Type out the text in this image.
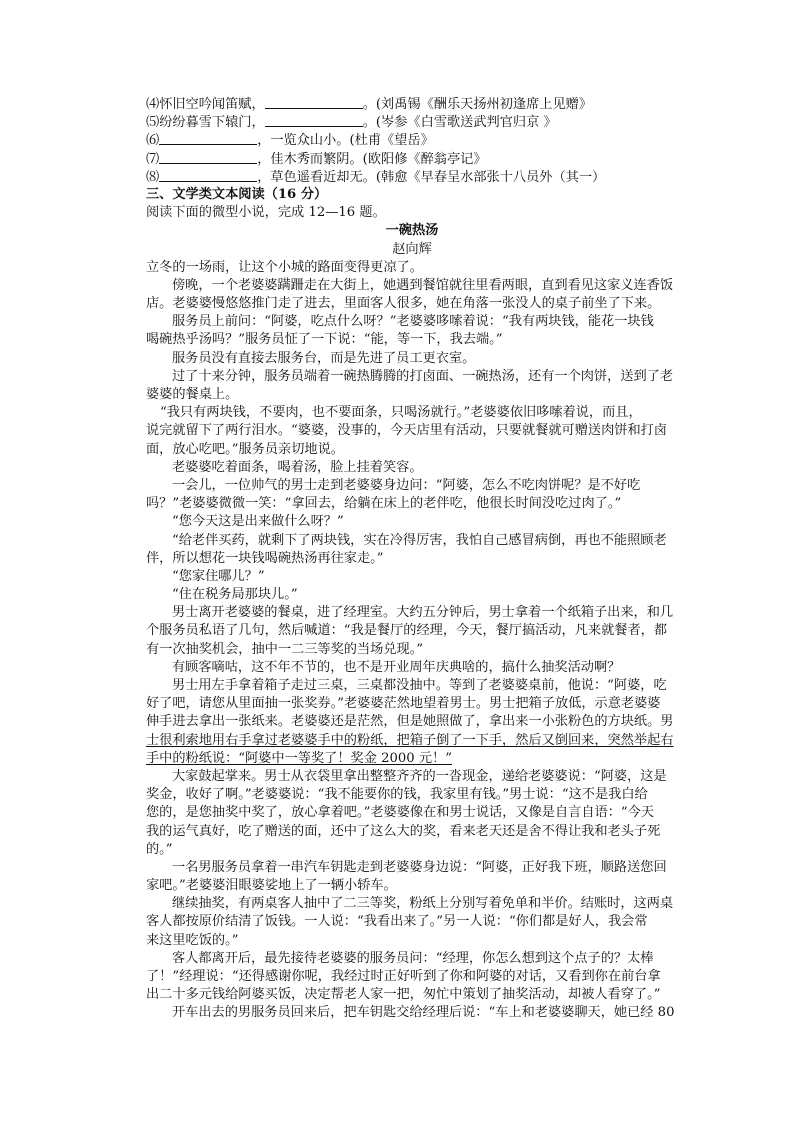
⑷怀旧空吟闻笛赋，	。(刘禹锡《酬乐天扬州初逢席上见赠》
⑸纷纷暮雪下辕门，	。(岑参《白雪歌送武判官归京 》
⑹	，一览众山小。(杜甫《望岳》
⑺	，佳木秀而繁阴。(欧阳修《醉翁亭记》
⑻	，草色遥看近却无。(韩愈《早春呈水部张十八员外（其一）
三、文学类文本阅读（16 分）
阅读下面的微型小说，完成 12—16 题。
一碗热汤
赵向辉
立冬的一场雨，让这个小城的路面变得更凉了。
傍晚，一个老婆婆蹒跚走在大街上，她遇到餐馆就往里看两眼，直到看见这家义连香饭
店。老婆婆慢悠悠推门走了进去，里面客人很多，她在角落一张没人的桌子前坐了下来。
服务员上前问：“阿婆，吃点什么呀？”老婆婆哆嗦着说：“我有两块钱，能花一块钱
喝碗热乎汤吗？”服务员怔了一下说：“能，等一下，我去端。”
服务员没有直接去服务台，而是先进了员工更衣室。
过了十来分钟，服务员端着一碗热腾腾的打卤面、一碗热汤，还有一个肉饼，送到了老
婆婆的餐桌上。
“我只有两块钱，不要肉，也不要面条，只喝汤就行。”老婆婆依旧哆嗦着说，而且，
说完就留下了两行泪水。“婆婆，没事的，今天店里有活动，只要就餐就可赠送肉饼和打卤
面，放心吃吧。”服务员亲切地说。
老婆婆吃着面条，喝着汤，脸上挂着笑容。
一会儿，一位帅气的男士走到老婆婆身边问：“阿婆，怎么不吃肉饼呢？是不好吃
吗？”老婆婆微微一笑：“拿回去，给躺在床上的老伴吃，他很长时间没吃过肉了。”
“您今天这是出来做什么呀？”
“给老伴买药，就剩下了两块钱，实在冷得厉害，我怕自己感冒病倒，再也不能照顾老
伴，所以想花一块钱喝碗热汤再往家走。”
“您家住哪儿？”
“住在税务局那块儿。”
男士离开老婆婆的餐桌，进了经理室。大约五分钟后，男士拿着一个纸箱子出来，和几
个服务员私语了几句，然后喊道：“我是餐厅的经理，今天，餐厅搞活动，凡来就餐者，都
有一次抽奖机会，抽中一二三等奖的当场兑现。”
有顾客嘀咕，这不年不节的，也不是开业周年庆典啥的，搞什么抽奖活动啊？
男士用左手拿着箱子走过三桌，三桌都没抽中。等到了老婆婆桌前，他说：“阿婆，吃
好了吧，请您从里面抽一张奖券。”老婆婆茫然地望着男士。男士把箱子放低，示意老婆婆
伸手进去拿出一张纸来。老婆婆还是茫然，但是她照做了，拿出来一小张粉色的方块纸。男
士很利索地用右手拿过老婆婆手中的粉纸，把箱子倒了一下手，然后又倒回来，突然举起右
手中的粉纸说：“阿婆中一等奖了！奖金 2000 元！”
大家鼓起掌来。男士从衣袋里拿出整整齐齐的一沓现金，递给老婆婆说：“阿婆，这是
奖金，收好了啊。”老婆婆说：“我不能要你的钱，我家里有钱。”男士说：“这不是我白给
您的，是您抽奖中奖了，放心拿着吧。”老婆婆像在和男士说话，又像是自言自语：“今天
我的运气真好，吃了赠送的面，还中了这么大的奖，看来老天还是舍不得让我和老头子死
的。”
一名男服务员拿着一串汽车钥匙走到老婆婆身边说：“阿婆，正好我下班，顺路送您回
家吧。”老婆婆泪眼婆娑地上了一辆小轿车。
继续抽奖，有两桌客人抽中了二三等奖，粉纸上分别写着免单和半价。结账时，这两桌
客人都按原价结清了饭钱。一人说：“我看出来了。”另一人说：“你们都是好人，我会常
来这里吃饭的。”
客人都离开后，最先接待老婆婆的服务员问：“经理，你怎么想到这个点子的？太棒
了！”经理说：“还得感谢你呢，我经过时正好听到了你和阿婆的对话，又看到你在前台拿
出二十多元钱给阿婆买饭，决定帮老人家一把，匆忙中策划了抽奖活动，却被人看穿了。”
开车出去的男服务员回来后，把车钥匙交给经理后说：“车上和老婆婆聊天，她已经 80
